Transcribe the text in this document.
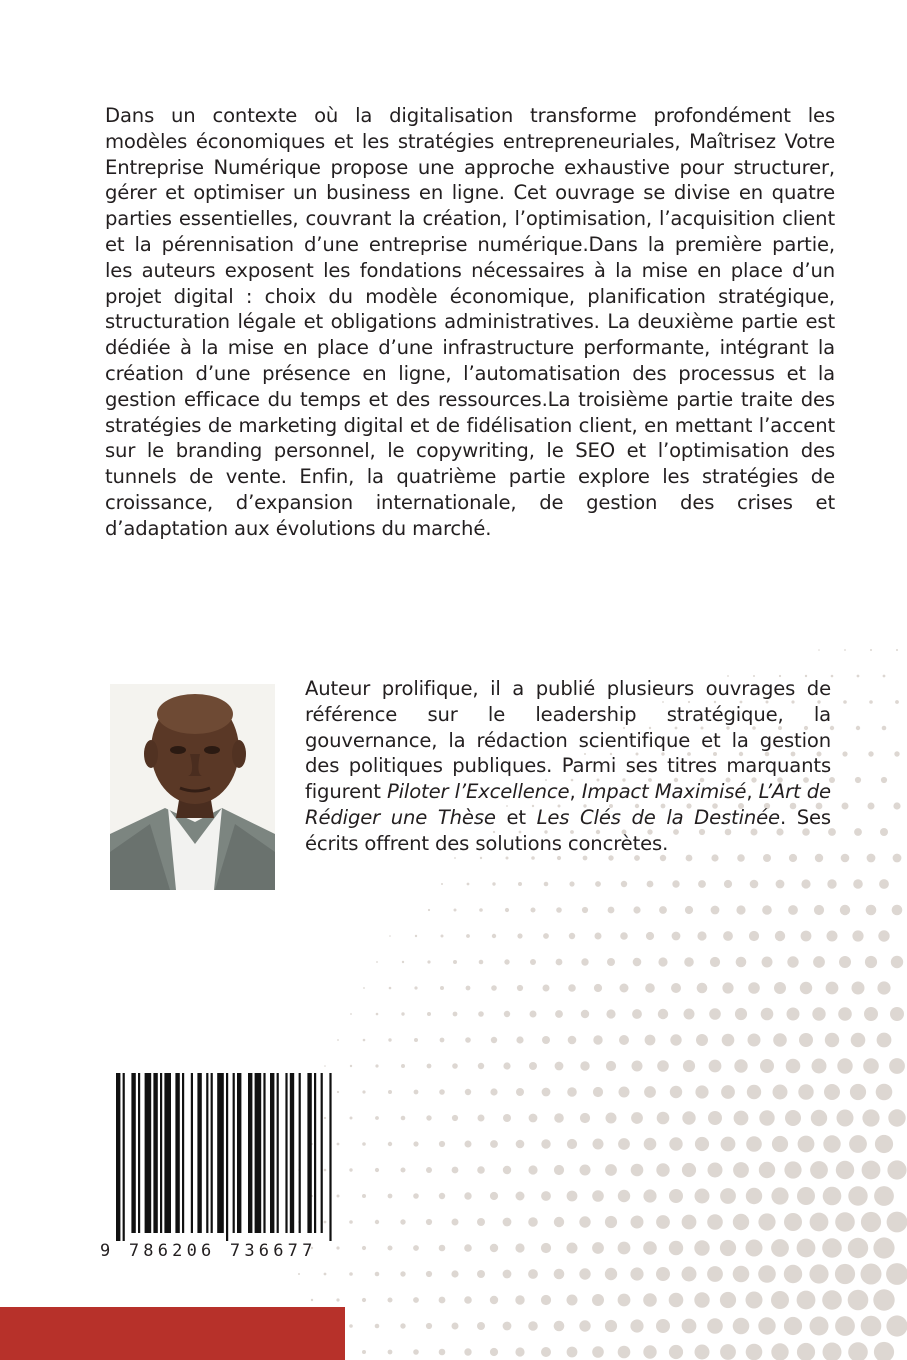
Dans un contexte où la digitalisation transforme profondément les modèles économiques et les stratégies entrepreneuriales, Maîtrisez Votre Entreprise Numérique propose une approche exhaustive pour structurer, gérer et optimiser un business en ligne. Cet ouvrage se divise en quatre parties essentielles, couvrant la création, l’optimisation, l’acquisition client et la pérennisation d’une entreprise numérique.Dans la première partie, les auteurs exposent les fondations nécessaires à la mise en place d’un projet digital : choix du modèle économique, planification stratégique, structuration légale et obligations administratives. La deuxième partie est dédiée à la mise en place d’une infrastructure performante, intégrant la création d’une présence en ligne, l’automatisation des processus et la gestion efficace du temps et des ressources.La troisième partie traite des stratégies de marketing digital et de fidélisation client, en mettant l’accent sur le branding personnel, le copywriting, le SEO et l’optimisation des tunnels de vente. Enfin, la quatrième partie explore les stratégies de croissance, d’expansion internationale, de gestion des crises et d’adaptation aux évolutions du marché.

Auteur prolifique, il a publié plusieurs ouvrages de référence sur le leadership stratégique, la gouvernance, la rédaction scientifique et la gestion des politiques publiques. Parmi ses titres marquants figurent Piloter l’Excellence, Impact Maximisé, L’Art de Rédiger une Thèse et Les Clés de la Destinée. Ses écrits offrent des solutions concrètes.

9 786206 736677
